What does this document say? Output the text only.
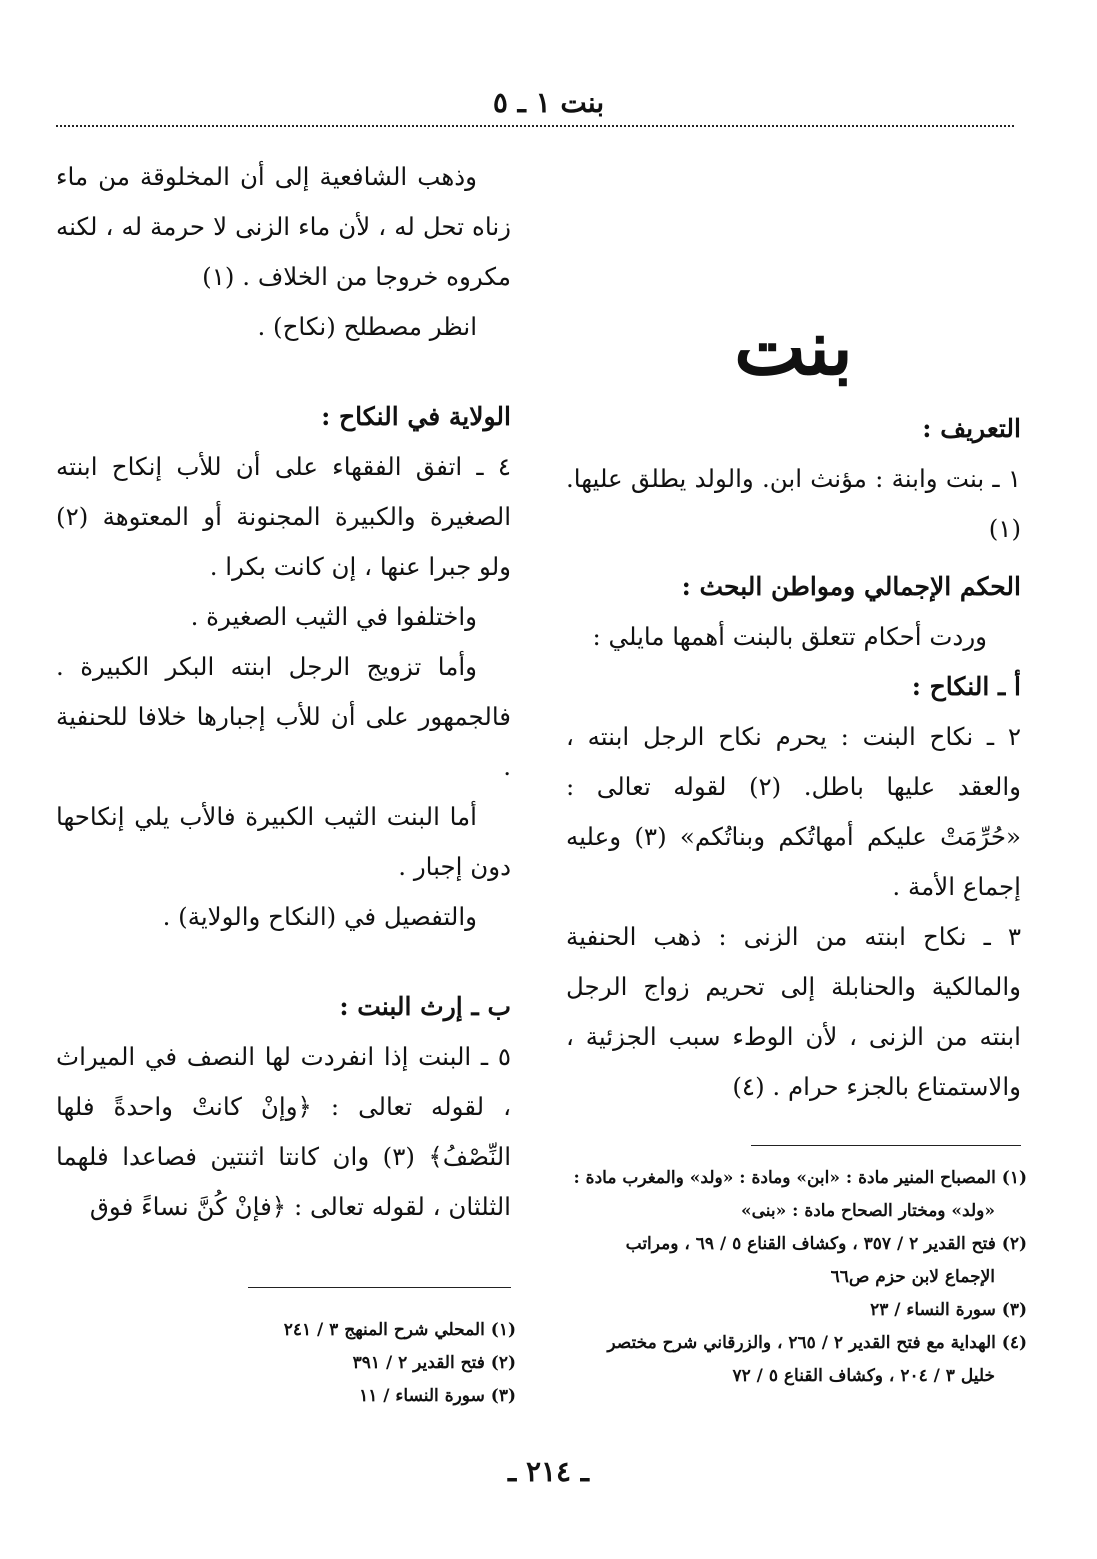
بنت ١ ـ ٥
بنت

التعريف :

١ ـ بنت وابنة : مؤنث ابن. والولد يطلق عليها. (١)

الحكم الإجمالي ومواطن البحث :

وردت أحكام تتعلق بالبنت أهمها مايلي :

أ ـ النكاح :

٢ ـ نكاح البنت : يحرم نكاح الرجل ابنته ، والعقد عليها باطل. (٢) لقوله تعالى : «حُرِّمَتْ عليكم أمهاتُكم وبناتُكم» (٣) وعليه إجماع الأمة .

٣ ـ نكاح ابنته من الزنى : ذهب الحنفية والمالكية والحنابلة إلى تحريم زواج الرجل ابنته من الزنى ، لأن الوطء سبب الجزئية ، والاستمتاع بالجزء حرام . (٤)

وذهب الشافعية إلى أن المخلوقة من ماء زناه تحل له ، لأن ماء الزنى لا حرمة له ، لكنه مكروه خروجا من الخلاف . (١)

انظر مصطلح (نكاح) .

الولاية في النكاح :

٤ ـ اتفق الفقهاء على أن للأب إنكاح ابنته الصغيرة والكبيرة المجنونة أو المعتوهة (٢) ولو جبرا عنها ، إن كانت بكرا .

واختلفوا في الثيب الصغيرة .

وأما تزويج الرجل ابنته البكر الكبيرة . فالجمهور على أن للأب إجبارها خلافا للحنفية .

أما البنت الثيب الكبيرة فالأب يلي إنكاحها دون إجبار .

والتفصيل في (النكاح والولاية) .

ب ـ إرث البنت :

٥ ـ البنت إذا انفردت لها النصف في الميراث ، لقوله تعالى : ﴿وإنْ كانتْ واحدةً فلها النِّصْفُ﴾ (٣) وان كانتا اثنتين فصاعدا فلهما الثلثان ، لقوله تعالى : ﴿فإنْ كُنَّ نساءً فوق

(١) المصباح المنير مادة : «ابن» ومادة : «ولد» والمغرب مادة :

«ولد» ومختار الصحاح مادة : «بنى»

(٢) فتح القدير ٢ / ٣٥٧ ، وكشاف القناع ٥ / ٦٩ ، ومراتب

الإجماع لابن حزم ص٦٦

(٣) سورة النساء / ٢٣

(٤) الهداية مع فتح القدير ٢ / ٢٦٥ ، والزرقاني شرح مختصر

خليل ٣ / ٢٠٤ ، وكشاف القناع ٥ / ٧٢

(١) المحلي شرح المنهج ٣ / ٢٤١

(٢) فتح القدير ٢ / ٣٩١

(٣) سورة النساء / ١١

ـ ٢١٤ ـ
